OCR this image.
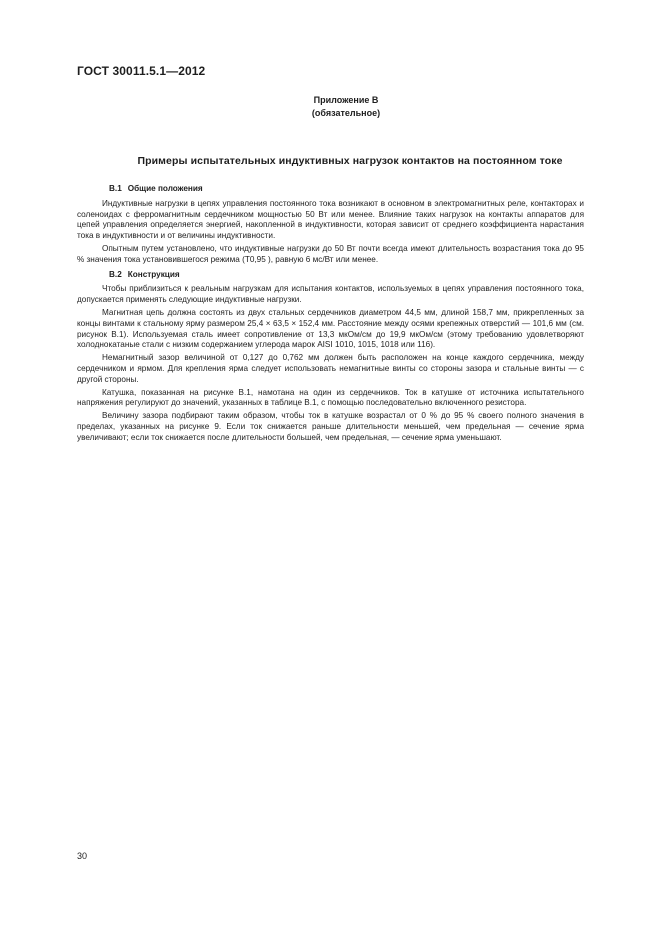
ГОСТ 30011.5.1—2012
Приложение В
(обязательное)
Примеры испытательных индуктивных нагрузок контактов на постоянном токе
В.1 Общие положения

Индуктивные нагрузки в цепях управления постоянного тока возникают в основном в электромагнитных реле, контакторах и соленоидах с ферромагнитным сердечником мощностью 50 Вт или менее. Влияние таких нагрузок на контакты аппаратов для цепей управления определяется энергией, накопленной в индуктивности, которая зависит от среднего коэффициента нарастания тока в индуктивности и от величины индуктивности.

Опытным путем установлено, что индуктивные нагрузки до 50 Вт почти всегда имеют длительность возрастания тока до 95 % значения тока установившегося режима (T0,95 ), равную 6 мс/Вт или менее.

В.2 Конструкция

Чтобы приблизиться к реальным нагрузкам для испытания контактов, используемых в цепях управления постоянного тока, допускается применять следующие индуктивные нагрузки.

Магнитная цепь должна состоять из двух стальных сердечников диаметром 44,5 мм, длиной 158,7 мм, прикрепленных за концы винтами к стальному ярму размером 25,4 × 63,5 × 152,4 мм. Расстояние между осями крепежных отверстий — 101,6 мм (см. рисунок В.1). Используемая сталь имеет сопротивление от 13,3 мкОм/см до 19,9 мкОм/см (этому требованию удовлетворяют холоднокатаные стали с низким содержанием углерода марок AISI 1010, 1015, 1018 или 116).

Немагнитный зазор величиной от 0,127 до 0,762 мм должен быть расположен на конце каждого сердечника, между сердечником и ярмом. Для крепления ярма следует использовать немагнитные винты со стороны зазора и стальные винты — с другой стороны.

Катушка, показанная на рисунке В.1, намотана на один из сердечников. Ток в катушке от источника испытательного напряжения регулируют до значений, указанных в таблице В.1, с помощью последовательно включенного резистора.

Величину зазора подбирают таким образом, чтобы ток в катушке возрастал от 0 % до 95 % своего полного значения в пределах, указанных на рисунке 9. Если ток снижается раньше длительности меньшей, чем предельная — сечение ярма увеличивают; если ток снижается после длительности большей, чем предельная, — сечение ярма уменьшают.

30
